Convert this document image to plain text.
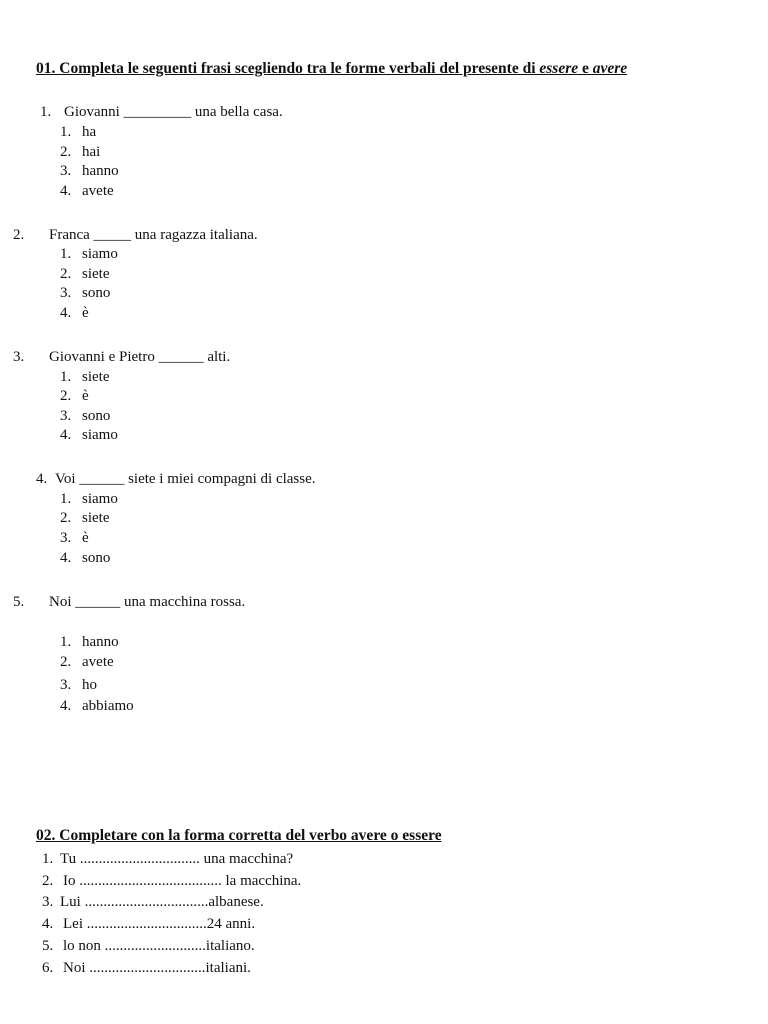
01. Completa le seguenti frasi scegliendo tra le forme verbali del presente di essere e avere
1. Giovanni _________ una bella casa.
1. ha
2. hai
3. hanno
4. avete
2. Franca _____ una ragazza italiana.
1. siamo
2. siete
3. sono
4. è
3. Giovanni e Pietro ______ alti.
1. siete
2. è
3. sono
4. siamo
4. Voi ______ siete i miei compagni di classe.
1. siamo
2. siete
3. è
4. sono
5. Noi ______ una macchina rossa.
1. hanno
2. avete
3. ho
4. abbiamo
02. Completare con la forma corretta del verbo avere o essere
1. Tu ................................ una macchina?
2. Io ...................................... la macchina.
3. Lui .................................albanese.
4. Lei ................................24 anni.
5. lo non ...........................italiano.
6. Noi ...............................italiani.
